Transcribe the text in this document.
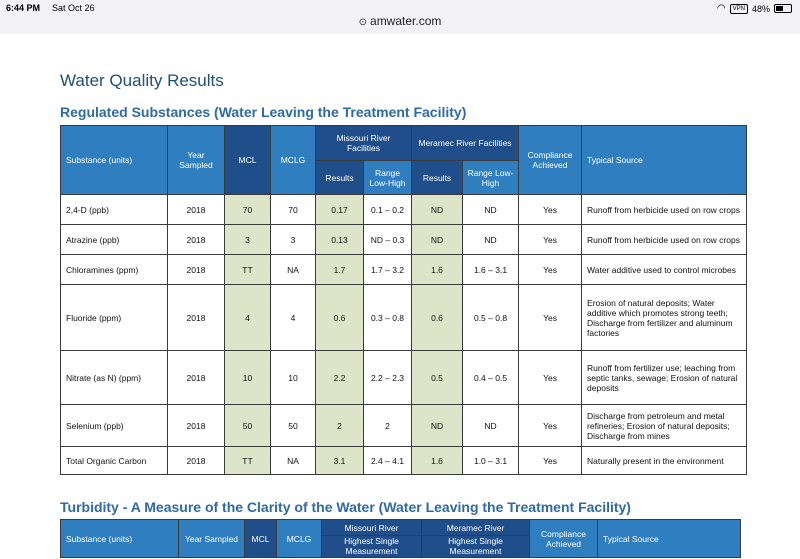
6:44 PM Sat Oct 26	◠	VPN 48%
⊙ amwater.com
Water Quality Results
Regulated Substances (Water Leaving the Treatment Facility)
Substance (units)	Year Sampled	MCL	MCLG	Missouri River Facilities		Meramec River Facilities		Compliance Achieved	Typical Source
				Results	Range Low-High	Results	Range Low-High		
2,4-D (ppb)	2018	70	70	0.17	0.1 – 0.2	ND	ND	Yes	Runoff from herbicide used on row crops
Atrazine (ppb)	2018	3	3	0.13	ND – 0.3	ND	ND	Yes	Runoff from herbicide used on row crops
Chloramines (ppm)	2018	TT	NA	1.7	1.7 – 3.2	1.6	1.6 – 3.1	Yes	Water additive used to control microbes
Fluoride (ppm)	2018	4	4	0.6	0.3 – 0.8	0.6	0.5 – 0.8	Yes	Erosion of natural deposits; Water additive which promotes strong teeth; Discharge from fertilizer and aluminum factories
Nitrate (as N) (ppm)	2018	10	10	2.2	2.2 – 2.3	0.5	0.4 – 0.5	Yes	Runoff from fertilizer use; leaching from septic tanks, sewage; Erosion of natural deposits
Selenium (ppb)	2018	50	50	2	2	ND	ND	Yes	Discharge from petroleum and metal refineries; Erosion of natural deposits; Discharge from mines
Total Organic Carbon	2018	TT	NA	3.1	2.4 – 4.1	1.6	1.0 – 3.1	Yes	Naturally present in the environment
Turbidity - A Measure of the Clarity of the Water (Water Leaving the Treatment Facility)
Substance (units)	Year Sampled	MCL	MCLG	Missouri River	Meramec River	Compliance Achieved	Typical Source
				Highest Single Measurement	Highest Single Measurement		
